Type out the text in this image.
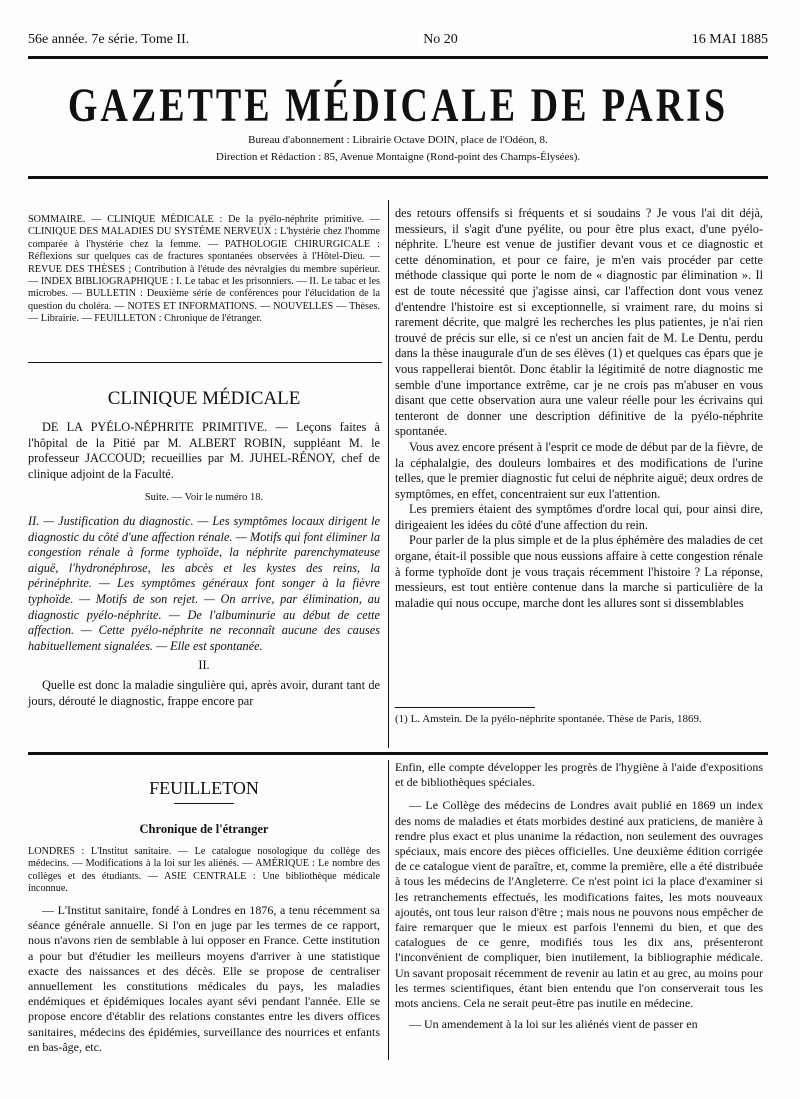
56e année. 7e série. Tome II.	No 20	16 MAI 1885
GAZETTE MÉDICALE DE PARIS
Bureau d'abonnement : Librairie Octave DOIN, place de l'Odéon, 8.
Direction et Rédaction : 85, Avenue Montaigne (Rond-point des Champs-Élysées).

SOMMAIRE. — CLINIQUE MÉDICALE : De la pyélo-néphrite primitive. — CLINIQUE DES MALADIES DU SYSTÈME NERVEUX : L'hystérie chez l'homme comparée à l'hystérie chez la femme. — PATHOLOGIE CHIRURGICALE : Réflexions sur quelques cas de fractures spontanées observées à l'Hôtel-Dieu. — REVUE DES THÈSES ; Contribution à l'étude des névralgies du membre supérieur. — INDEX BIBLIOGRAPHIQUE : I. Le tabac et les prisonniers. — II. Le tabac et les microbes. — BULLETIN : Deuxième série de conférences pour l'élucidation de la question du choléra. — NOTES ET INFORMATIONS. — NOUVELLES — Thèses. — Librairie. — FEUILLETON : Chronique de l'étranger.

CLINIQUE MÉDICALE

DE LA PYÉLO-NÉPHRITE PRIMITIVE. — Leçons faites à l'hôpital de la Pitié par M. ALBERT ROBIN, suppléant M. le professeur JACCOUD; recueillies par M. JUHEL-RÉNOY, chef de clinique adjoint de la Faculté.

Suite. — Voir le numéro 18.

II. — Justification du diagnostic. — Les symptômes locaux dirigent le diagnostic du côté d'une affection rénale. — Motifs qui font éliminer la congestion rénale à forme typhoïde, la néphrite parenchymateuse aiguë, l'hydronéphrose, les abcès et les kystes des reins, la périnéphrite. — Les symptômes généraux font songer à la fièvre typhoïde. — Motifs de son rejet. — On arrive, par élimination, au diagnostic pyélo-néphrite. — De l'albuminurie au début de cette affection. — Cette pyélo-néphrite ne reconnaît aucune des causes habituellement signalées. — Elle est spontanée.

II.

Quelle est donc la maladie singulière qui, après avoir, durant tant de jours, dérouté le diagnostic, frappe encore par

des retours offensifs si fréquents et si soudains ? Je vous l'ai dit déjà, messieurs, il s'agit d'une pyélite, ou pour être plus exact, d'une pyélo-néphrite. L'heure est venue de justifier devant vous et ce diagnostic et cette dénomination, et pour ce faire, je m'en vais procéder par cette méthode classique qui porte le nom de « diagnostic par élimination ». Il est de toute nécessité que j'agisse ainsi, car l'affection dont vous venez d'entendre l'histoire est si exceptionnelle, si vraiment rare, du moins si rarement décrite, que malgré les recherches les plus patientes, je n'ai rien trouvé de précis sur elle, si ce n'est un ancien fait de M. Le Dentu, perdu dans la thèse inaugurale d'un de ses élèves (1) et quelques cas épars que je vous rappellerai bientôt. Donc établir la légitimité de notre diagnostic me semble d'une importance extrême, car je ne crois pas m'abuser en vous disant que cette observation aura une valeur réelle pour les écrivains qui tenteront de donner une description définitive de la pyélo-néphrite spontanée.

Vous avez encore présent à l'esprit ce mode de début par de la fièvre, de la céphalalgie, des douleurs lombaires et des modifications de l'urine telles, que le premier diagnostic fut celui de néphrite aiguë; deux ordres de symptômes, en effet, concentraient sur eux l'attention.

Les premiers étaient des symptômes d'ordre local qui, pour ainsi dire, dirigeaient les idées du côté d'une affection du rein.

Pour parler de la plus simple et de la plus éphémère des maladies de cet organe, était-il possible que nous eussions affaire à cette congestion rénale à forme typhoïde dont je vous traçais récemment l'histoire ? La réponse, messieurs, est tout entière contenue dans la marche si particulière de la maladie qui nous occupe, marche dont les allures sont si dissemblables

(1) L. Amstein. De la pyélo-néphrite spontanée. Thèse de Paris, 1869.
FEUILLETON
Chronique de l'étranger
LONDRES : L'Institut sanitaire. — Le catalogue nosologique du collège des médecins. — Modifications à la loi sur les aliénés. — AMÉRIQUE : Le nombre des collèges et des étudiants. — ASIE CENTRALE : Une bibliothèque médicale inconnue.

— L'Institut sanitaire, fondé à Londres en 1876, a tenu récemment sa séance générale annuelle. Si l'on en juge par les termes de ce rapport, nous n'avons rien de semblable à lui opposer en France. Cette institution a pour but d'étudier les meilleurs moyens d'arriver à une statistique exacte des naissances et des décès. Elle se propose de centraliser annuellement les constitutions médicales du pays, les maladies endémiques et épidémiques locales ayant sévi pendant l'année. Elle se propose encore d'établir des relations constantes entre les divers offices sanitaires, médecins des épidémies, surveillance des nourrices et enfants en bas-âge, etc.

Enfin, elle compte développer les progrès de l'hygiène à l'aide d'expositions et de bibliothèques spéciales.

— Le Collège des médecins de Londres avait publié en 1869 un index des noms de maladies et états morbides destiné aux praticiens, de manière à rendre plus exact et plus unanime la rédaction, non seulement des ouvrages spéciaux, mais encore des pièces officielles. Une deuxième édition corrigée de ce catalogue vient de paraître, et, comme la première, elle a été distribuée à tous les médecins de l'Angleterre. Ce n'est point ici la place d'examiner si les retranchements effectués, les modifications faites, les mots nouveaux ajoutés, ont tous leur raison d'être ; mais nous ne pouvons nous empêcher de faire remarquer que le mieux est parfois l'ennemi du bien, et que des catalogues de ce genre, modifiés tous les dix ans, présenteront l'inconvénient de compliquer, bien inutilement, la bibliographie médicale. Un savant proposait récemment de revenir au latin et au grec, au moins pour les termes scientifiques, étant bien entendu que l'on conserverait tous les mots anciens. Cela ne serait peut-être pas inutile en médecine.

— Un amendement à la loi sur les aliénés vient de passer en
